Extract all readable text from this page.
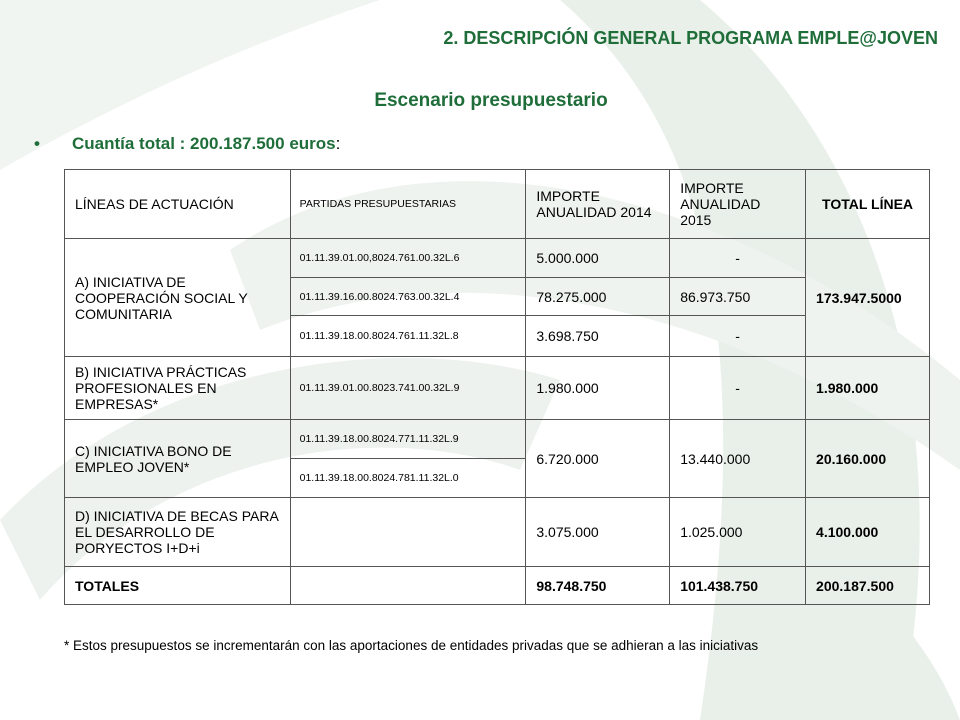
2. DESCRIPCIÓN GENERAL PROGRAMA EMPLE@JOVEN
Escenario presupuestario
• Cuantía total : 200.187.500 euros:
LÍNEAS DE ACTUACIÓN	PARTIDAS PRESUPUESTARIAS	IMPORTE ANUALIDAD 2014	IMPORTE ANUALIDAD 2015	TOTAL LÍNEA
A) INICIATIVA DE COOPERACIÓN SOCIAL Y COMUNITARIA	01.11.39.01.00,8024.761.00.32L.6	5.000.000	-	173.947.5000
	01.11.39.16.00.8024.763.00.32L.4	78.275.000	86.973.750	
	01.11.39.18.00.8024.761.11.32L.8	3.698.750	-	
B) INICIATIVA PRÁCTICAS PROFESIONALES EN EMPRESAS*	01.11.39.01.00.8023.741.00.32L.9	1.980.000	-	1.980.000
C) INICIATIVA BONO DE EMPLEO JOVEN*	01.11.39.18.00.8024.771.11.32L.9	6.720.000	13.440.000	20.160.000
	01.11.39.18.00.8024.781.11.32L.0			
D) INICIATIVA DE BECAS PARA EL DESARROLLO DE PORYECTOS I+D+i		3.075.000	1.025.000	4.100.000
TOTALES		98.748.750	101.438.750	200.187.500
* Estos presupuestos se incrementarán con las aportaciones de entidades privadas que se adhieran a las iniciativas
